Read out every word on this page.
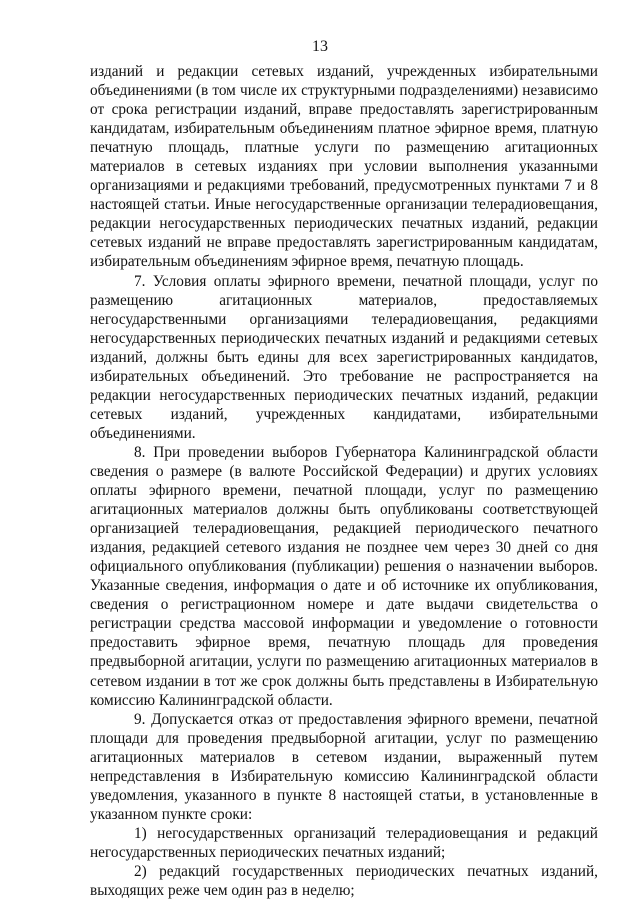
13

изданий и редакции сетевых изданий, учрежденных избирательными объединениями (в том числе их структурными подразделениями) независимо от срока регистрации изданий, вправе предоставлять зарегистрированным кандидатам, избирательным объединениям платное эфирное время, платную печатную площадь, платные услуги по размещению агитационных материалов в сетевых изданиях при условии выполнения указанными организациями и редакциями требований, предусмотренных пунктами 7 и 8 настоящей статьи. Иные негосударственные организации телерадиовещания, редакции негосударственных периодических печатных изданий, редакции сетевых изданий не вправе предоставлять зарегистрированным кандидатам, избирательным объединениям эфирное время, печатную площадь.

7. Условия оплаты эфирного времени, печатной площади, услуг по размещению агитационных материалов, предоставляемых негосударственными организациями телерадиовещания, редакциями негосударственных периодических печатных изданий и редакциями сетевых изданий, должны быть едины для всех зарегистрированных кандидатов, избирательных объединений. Это требование не распространяется на редакции негосударственных периодических печатных изданий, редакции сетевых изданий, учрежденных кандидатами, избирательными объединениями.

8. При проведении выборов Губернатора Калининградской области сведения о размере (в валюте Российской Федерации) и других условиях оплаты эфирного времени, печатной площади, услуг по размещению агитационных материалов должны быть опубликованы соответствующей организацией телерадиовещания, редакцией периодического печатного издания, редакцией сетевого издания не позднее чем через 30 дней со дня официального опубликования (публикации) решения о назначении выборов. Указанные сведения, информация о дате и об источнике их опубликования, сведения о регистрационном номере и дате выдачи свидетельства о регистрации средства массовой информации и уведомление о готовности предоставить эфирное время, печатную площадь для проведения предвыборной агитации, услуги по размещению агитационных материалов в сетевом издании в тот же срок должны быть представлены в Избирательную комиссию Калининградской области.

9. Допускается отказ от предоставления эфирного времени, печатной площади для проведения предвыборной агитации, услуг по размещению агитационных материалов в сетевом издании, выраженный путем непредставления в Избирательную комиссию Калининградской области уведомления, указанного в пункте 8 настоящей статьи, в установленные в указанном пункте сроки:

1) негосударственных организаций телерадиовещания и редакций негосударственных периодических печатных изданий;

2) редакций государственных периодических печатных изданий, выходящих реже чем один раз в неделю;
